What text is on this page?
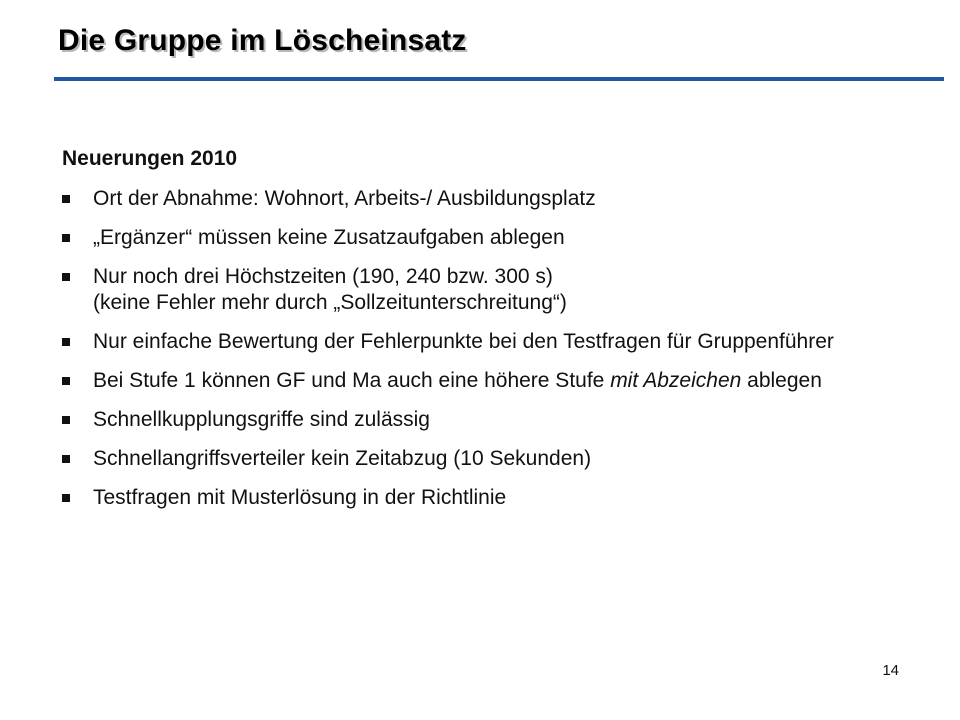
Die Gruppe im Löscheinsatz
Neuerungen 2010
Ort der Abnahme: Wohnort, Arbeits-/ Ausbildungsplatz
„Ergänzer“ müssen keine Zusatzaufgaben ablegen
Nur noch drei Höchstzeiten (190, 240 bzw. 300 s)
(keine Fehler mehr durch „Sollzeitunterschreitung“)
Nur einfache Bewertung der Fehlerpunkte bei den Testfragen für Gruppenführer
Bei Stufe 1 können GF und Ma auch eine höhere Stufe mit Abzeichen ablegen
Schnellkupplungsgriffe sind zulässig
Schnellangriffsverteiler kein Zeitabzug (10 Sekunden)
Testfragen mit Musterlösung in der Richtlinie
14
